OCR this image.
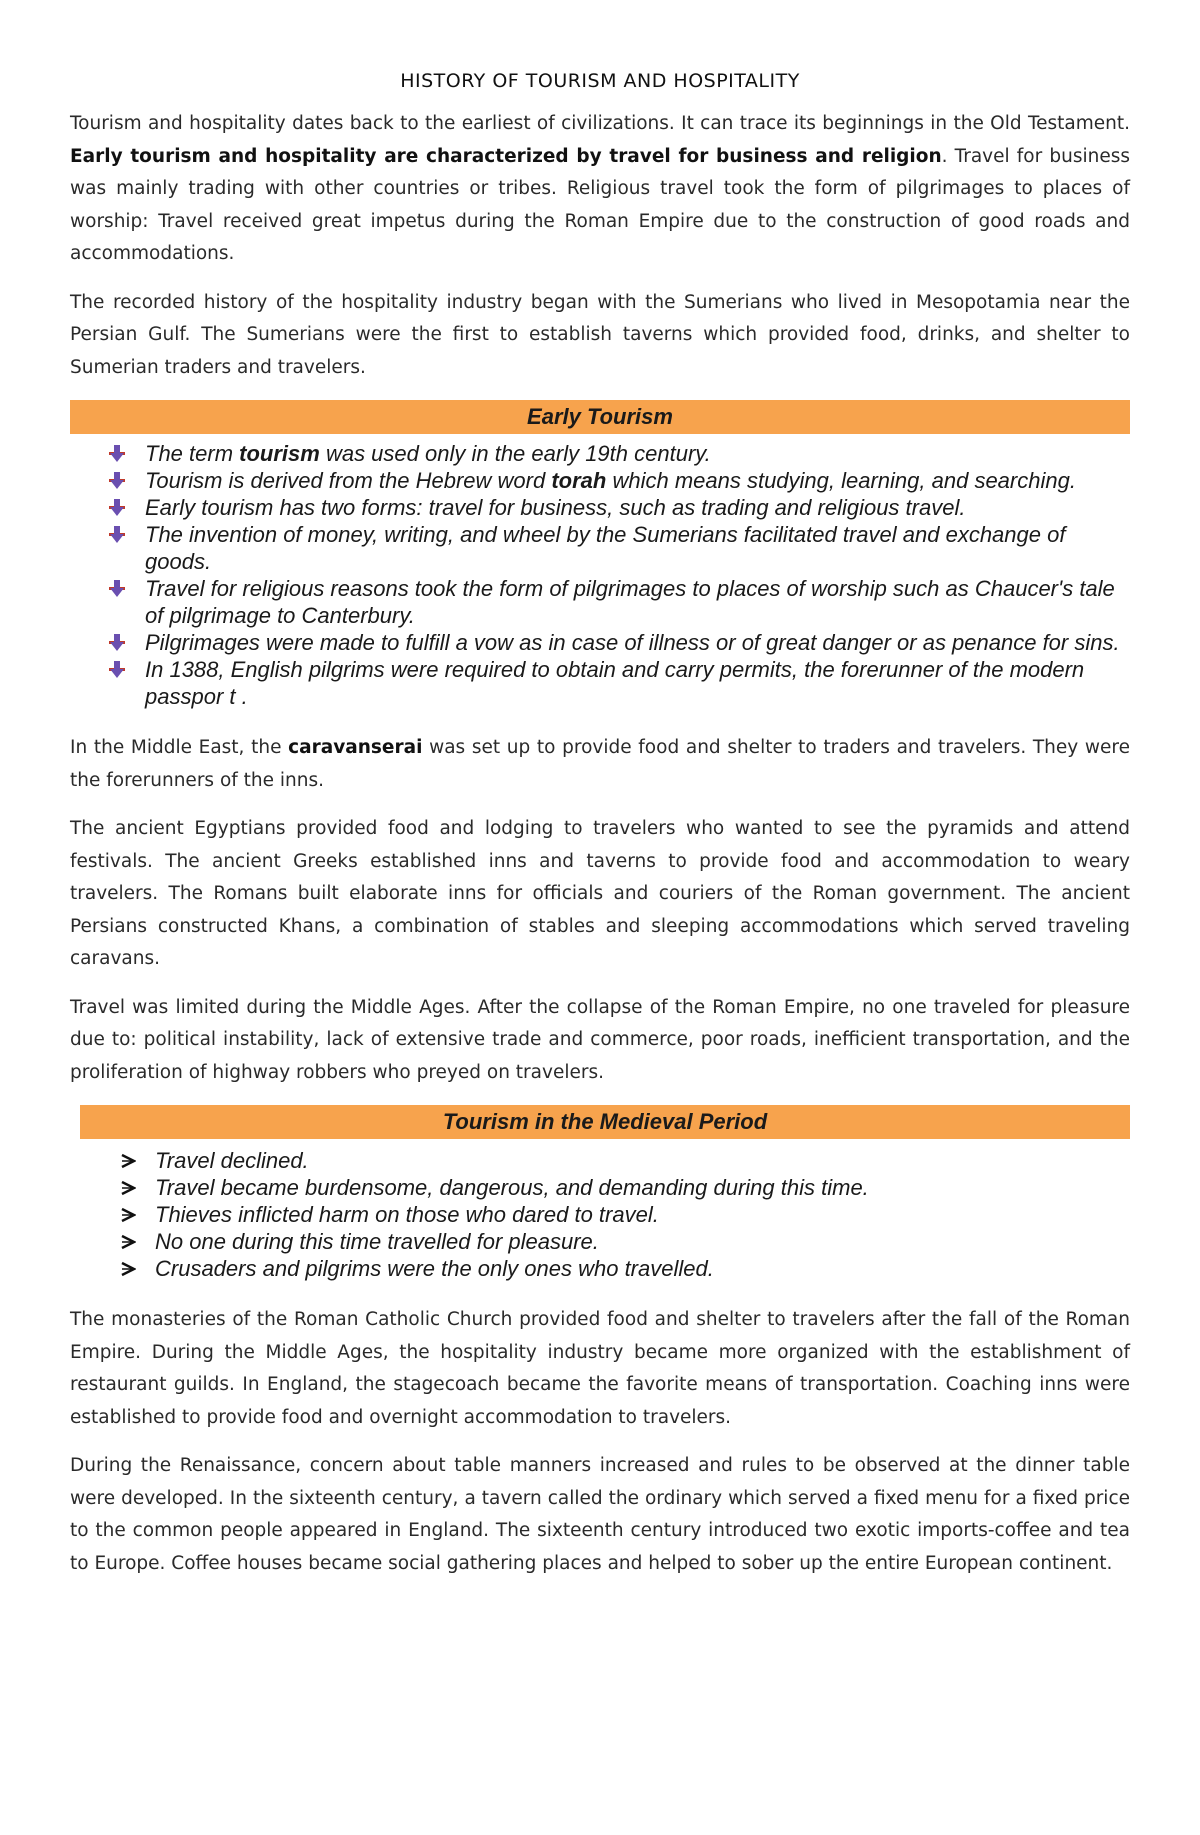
HISTORY OF TOURISM AND HOSPITALITY

Tourism and hospitality dates back to the earliest of civilizations. It can trace its beginnings in the Old Testament. Early tourism and hospitality are characterized by travel for business and religion. Travel for business was mainly trading with other countries or tribes. Religious travel took the form of pilgrimages to places of worship: Travel received great impetus during the Roman Empire due to the construction of good roads and accommodations.

The recorded history of the hospitality industry began with the Sumerians who lived in Mesopotamia near the Persian Gulf. The Sumerians were the first to establish taverns which provided food, drinks, and shelter to Sumerian traders and travelers.

Early Tourism
The term tourism was used only in the early 19th century.
Tourism is derived from the Hebrew word torah which means studying, learning, and searching.
Early tourism has two forms: travel for business, such as trading and religious travel.
The invention of money, writing, and wheel by the Sumerians facilitated travel and exchange of goods.
Travel for religious reasons took the form of pilgrimages to places of worship such as Chaucer's tale of pilgrimage to Canterbury.
Pilgrimages were made to fulfill a vow as in case of illness or of great danger or as penance for sins.
In 1388, English pilgrims were required to obtain and carry permits, the forerunner of the modern passpor t .

In the Middle East, the caravanserai was set up to provide food and shelter to traders and travelers. They were the forerunners of the inns.

The ancient Egyptians provided food and lodging to travelers who wanted to see the pyramids and attend festivals. The ancient Greeks established inns and taverns to provide food and accommodation to weary travelers. The Romans built elaborate inns for officials and couriers of the Roman government. The ancient Persians constructed Khans, a combination of stables and sleeping accommodations which served traveling caravans.

Travel was limited during the Middle Ages. After the collapse of the Roman Empire, no one traveled for pleasure due to: political instability, lack of extensive trade and commerce, poor roads, inefficient transportation, and the proliferation of highway robbers who preyed on travelers.

Tourism in the Medieval Period
Travel declined.
Travel became burdensome, dangerous, and demanding during this time.
Thieves inflicted harm on those who dared to travel.
No one during this time travelled for pleasure.
Crusaders and pilgrims were the only ones who travelled.

The monasteries of the Roman Catholic Church provided food and shelter to travelers after the fall of the Roman Empire. During the Middle Ages, the hospitality industry became more organized with the establishment of restaurant guilds. In England, the stagecoach became the favorite means of transportation. Coaching inns were established to provide food and overnight accommodation to travelers.

During the Renaissance, concern about table manners increased and rules to be observed at the dinner table were developed. In the sixteenth century, a tavern called the ordinary which served a fixed menu for a fixed price to the common people appeared in England. The sixteenth century introduced two exotic imports-coffee and tea to Europe. Coffee houses became social gathering places and helped to sober up the entire European continent.
